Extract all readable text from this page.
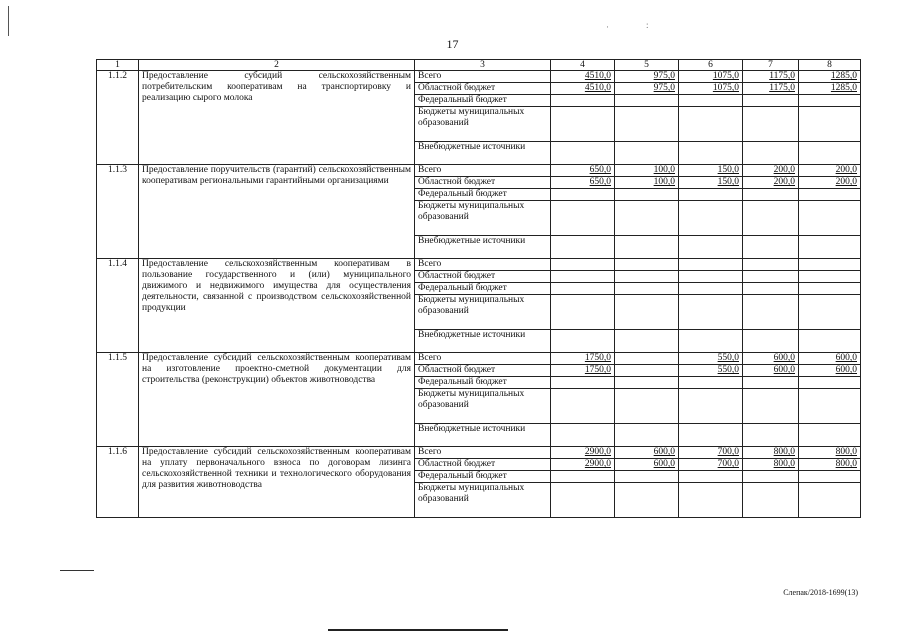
·	:
17
1	2	3	4	5	6	7	8
1.1.2	Предоставление субсидий сельскохозяйственным потребительским кооперативам на транспортировку и реализацию сырого молока	Всего	4510,0	975,0	1075,0	1175,0	1285,0
		Областной бюджет	4510,0	975,0	1075,0	1175,0	1285,0
		Федеральный бюджет					
		Бюджеты муниципальных образований					
		Внебюджетные источники					
1.1.3	Предоставление поручительств (гарантий) сельскохозяйственным кооперативам региональными гарантийными организациями	Всего	650,0	100,0	150,0	200,0	200,0
		Областной бюджет	650,0	100,0	150,0	200,0	200,0
		Федеральный бюджет					
		Бюджеты муниципальных образований					
		Внебюджетные источники					
1.1.4	Предоставление сельскохозяйственным кооперативам в пользование государственного и (или) муниципального движимого и недвижимого имущества для осуществления деятельности, связанной с производством сельскохозяйственной продукции	Всего					
		Областной бюджет					
		Федеральный бюджет					
		Бюджеты муниципальных образований					
		Внебюджетные источники					
1.1.5	Предоставление субсидий сельскохозяйственным кооперативам на изготовление проектно-сметной документации для строительства (реконструкции) объектов животноводства	Всего	1750,0		550,0	600,0	600,0
		Областной бюджет	1750,0		550,0	600,0	600,0
		Федеральный бюджет					
		Бюджеты муниципальных образований					
		Внебюджетные источники					
1.1.6	Предоставление субсидий сельскохозяйственным кооперативам на уплату первоначального взноса по договорам лизинга сельскохозяйственной техники и технологического оборудования для развития животноводства	Всего	2900,0	600,0	700,0	800,0	800,0
		Областной бюджет	2900,0	600,0	700,0	800,0	800,0
		Федеральный бюджет					
		Бюджеты муниципальных образований					
Слепак/2018-1699(13)
